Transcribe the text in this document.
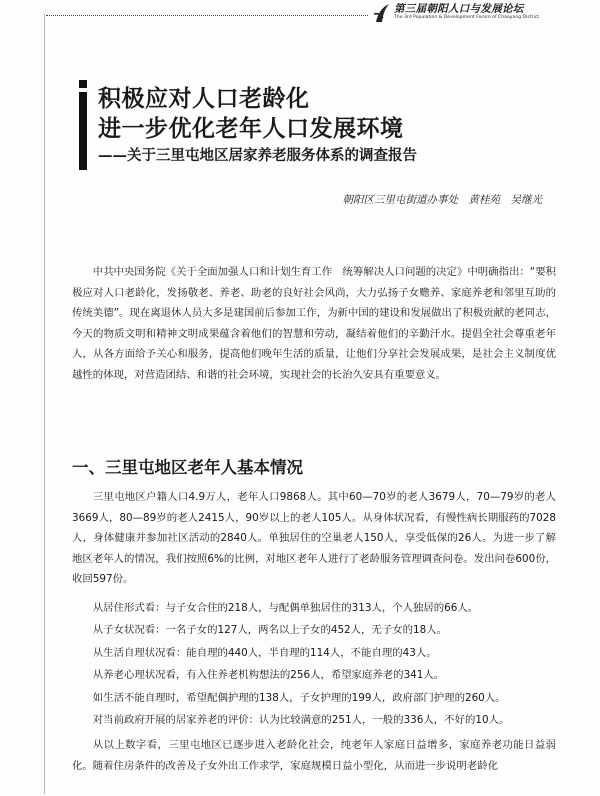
第三届朝阳人口与发展论坛
The 3rd Population & Development Forum of Chaoyang District
积极应对人口老龄化
进一步优化老年人口发展环境
——关于三里屯地区居家养老服务体系的调查报告
朝阳区三里屯街道办事处　黄桂苑　吴继光
中共中央国务院《关于全面加强人口和计划生育工作　统筹解决人口问题的决定》中明确指出：“要积极应对人口老龄化，发扬敬老、养老、助老的良好社会风尚，大力弘扬子女赡养、家庭养老和邻里互助的传统美德”。现在离退休人员大多是建国前后参加工作，为新中国的建设和发展做出了积极贡献的老同志，今天的物质文明和精神文明成果蕴含着他们的智慧和劳动，凝结着他们的辛勤汗水。提倡全社会尊重老年人，从各方面给予关心和服务，提高他们晚年生活的质量，让他们分享社会发展成果，是社会主义制度优越性的体现，对营造团结、和谐的社会环境，实现社会的长治久安具有重要意义。
一、三里屯地区老年人基本情况
三里屯地区户籍人口4.9万人，老年人口9868人。其中60—70岁的老人3679人，70—79岁的老人3669人，80—89岁的老人2415人，90岁以上的老人105人。从身体状况看，有慢性病长期服药的7028人，身体健康并参加社区活动的2840人。单独居住的空巢老人150人，享受低保的26人。为进一步了解地区老年人的情况，我们按照6%的比例，对地区老年人进行了老龄服务管理调查问卷。发出问卷600份，收回597份。
从居住形式看：与子女合住的218人，与配偶单独居住的313人，个人独居的66人。
从子女状况看：一名子女的127人，两名以上子女的452人，无子女的18人。
从生活自理状况看：能自理的440人，半自理的114人，不能自理的43人。
从养老心理状况看，有入住养老机构想法的256人，希望家庭养老的341人。
如生活不能自理时，希望配偶护理的138人，子女护理的199人，政府部门护理的260人。
对当前政府开展的居家养老的评价：认为比较满意的251人，一般的336人，不好的10人。
从以上数字看，三里屯地区已逐步进入老龄化社会，纯老年人家庭日益增多，家庭养老功能日益弱化。随着住房条件的改善及子女外出工作求学，家庭规模日益小型化，从而进一步说明老龄化
